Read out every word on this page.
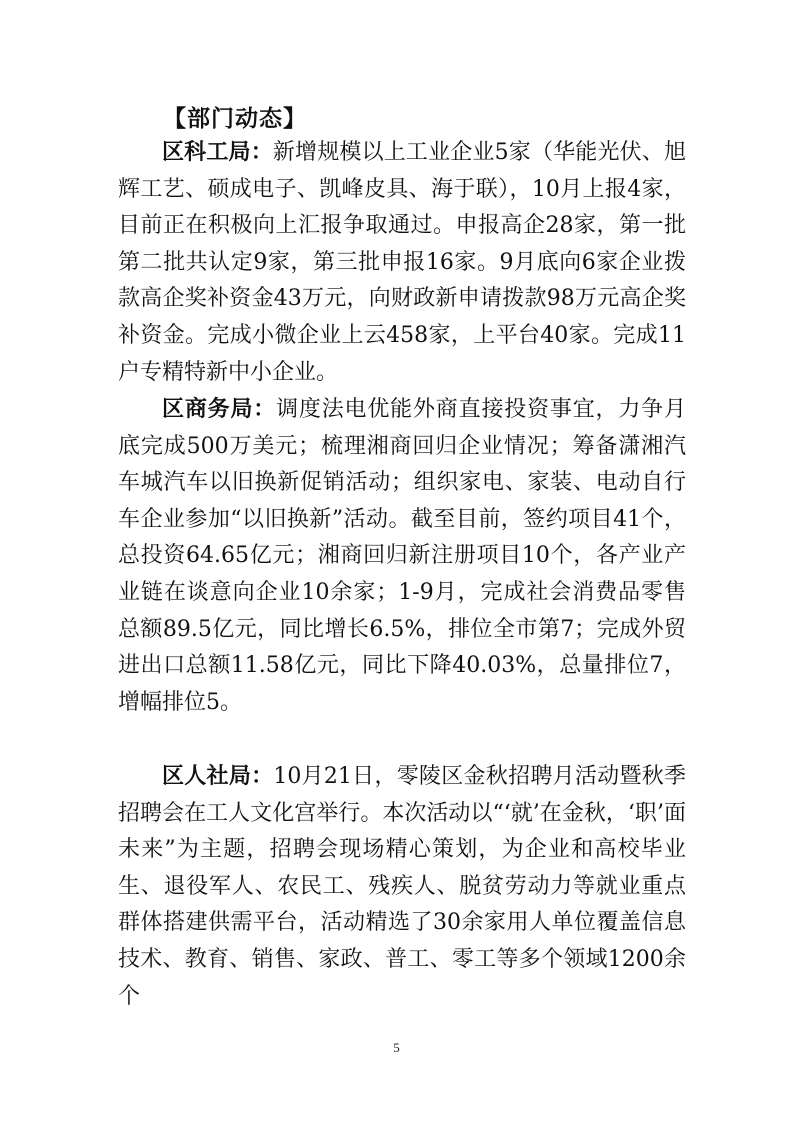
【部门动态】

区科工局：新增规模以上工业企业5家（华能光伏、旭辉工艺、硕成电子、凯峰皮具、海于联），10月上报4家，目前正在积极向上汇报争取通过。申报高企28家，第一批第二批共认定9家，第三批申报16家。9月底向6家企业拨款高企奖补资金43万元，向财政新申请拨款98万元高企奖补资金。完成小微企业上云458家，上平台40家。完成11户专精特新中小企业。

区商务局：调度法电优能外商直接投资事宜，力争月底完成500万美元；梳理湘商回归企业情况；筹备潇湘汽车城汽车以旧换新促销活动；组织家电、家装、电动自行车企业参加“以旧换新”活动。截至目前，签约项目41个，总投资64.65亿元；湘商回归新注册项目10个，各产业产业链在谈意向企业10余家；1-9月，完成社会消费品零售总额89.5亿元，同比增长6.5%，排位全市第7；完成外贸进出口总额11.58亿元，同比下降40.03%，总量排位7，增幅排位5。

区人社局：10月21日，零陵区金秋招聘月活动暨秋季招聘会在工人文化宫举行。本次活动以“‘就’在金秋，‘职’面未来”为主题，招聘会现场精心策划，为企业和高校毕业生、退役军人、农民工、残疾人、脱贫劳动力等就业重点群体搭建供需平台，活动精选了30余家用人单位覆盖信息技术、教育、销售、家政、普工、零工等多个领域1200余个

5
